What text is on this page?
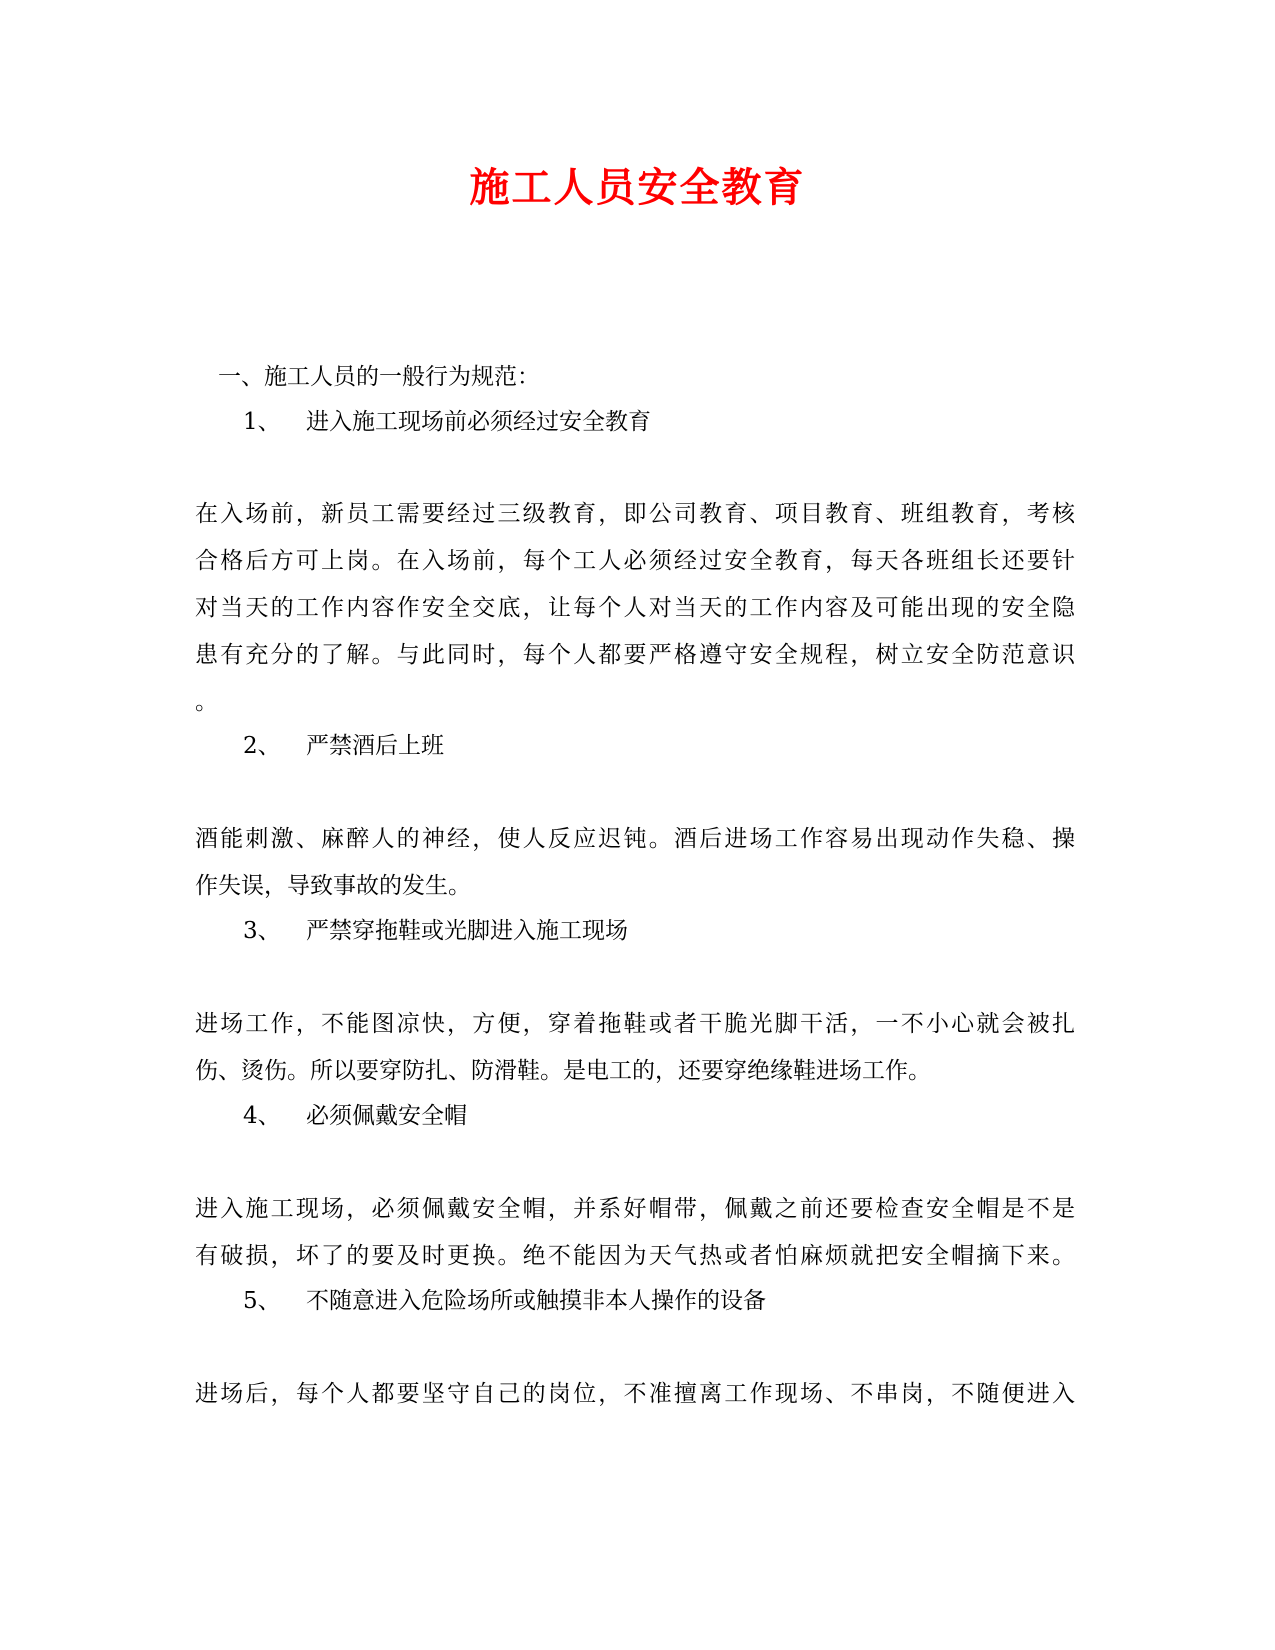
施工人员安全教育
一、施工人员的一般行为规范：
1、 进入施工现场前必须经过安全教育
在入场前，新员工需要经过三级教育，即公司教育、项目教育、班组教育，考核
合格后方可上岗。在入场前，每个工人必须经过安全教育，每天各班组长还要针
对当天的工作内容作安全交底，让每个人对当天的工作内容及可能出现的安全隐
患有充分的了解。与此同时，每个人都要严格遵守安全规程，树立安全防范意识
。
2、 严禁酒后上班
酒能刺激、麻醉人的神经，使人反应迟钝。酒后进场工作容易出现动作失稳、操
作失误，导致事故的发生。
3、 严禁穿拖鞋或光脚进入施工现场
进场工作，不能图凉快，方便，穿着拖鞋或者干脆光脚干活，一不小心就会被扎
伤、烫伤。所以要穿防扎、防滑鞋。是电工的，还要穿绝缘鞋进场工作。
4、 必须佩戴安全帽
进入施工现场，必须佩戴安全帽，并系好帽带，佩戴之前还要检查安全帽是不是
有破损，坏了的要及时更换。绝不能因为天气热或者怕麻烦就把安全帽摘下来。
5、 不随意进入危险场所或触摸非本人操作的设备
进场后，每个人都要坚守自己的岗位，不准擅离工作现场、不串岗，不随便进入
